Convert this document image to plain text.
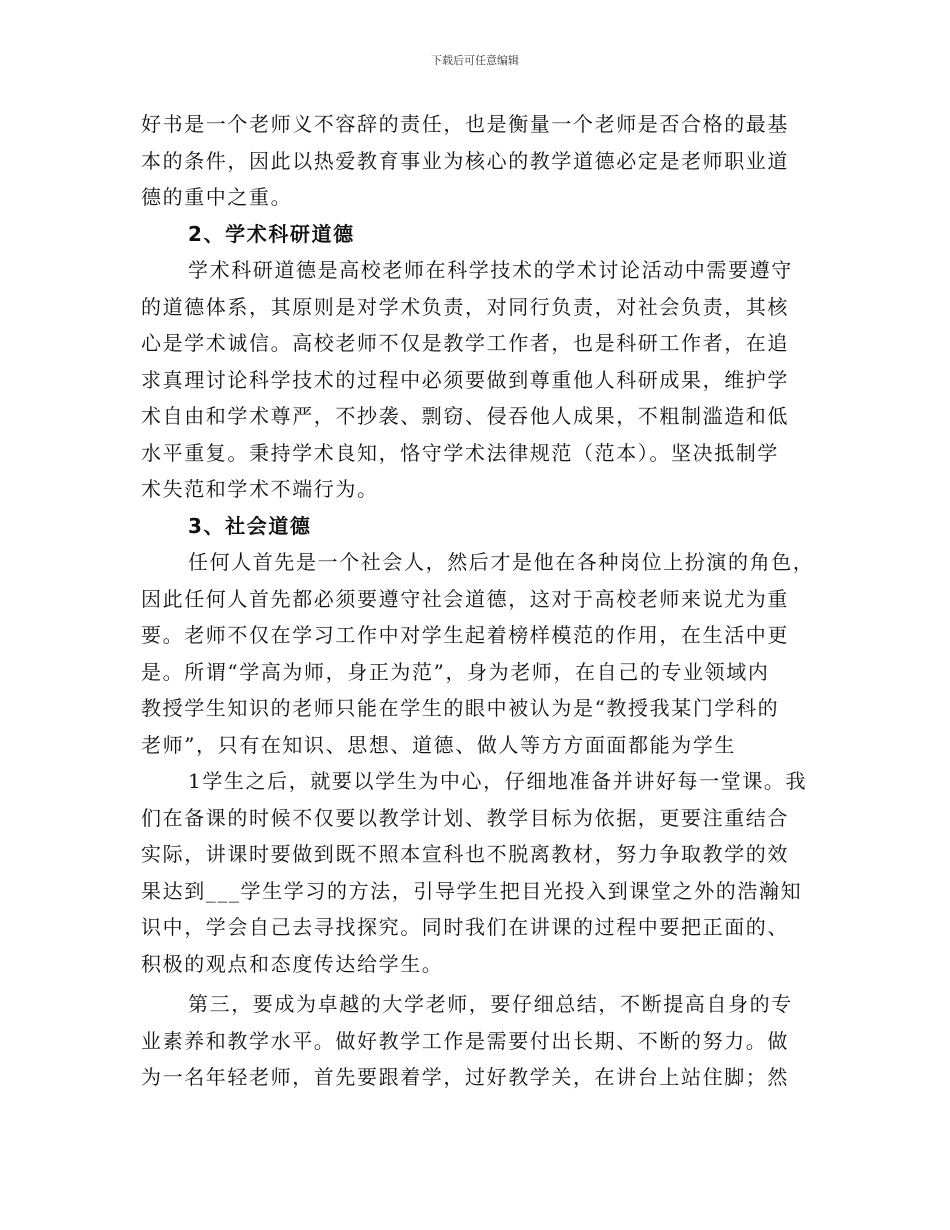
下载后可任意编辑
好书是一个老师义不容辞的责任，也是衡量一个老师是否合格的最基
本的条件，因此以热爱教育事业为核心的教学道德必定是老师职业道
德的重中之重。
2、学术科研道德
学术科研道德是高校老师在科学技术的学术讨论活动中需要遵守
的道德体系，其原则是对学术负责，对同行负责，对社会负责，其核
心是学术诚信。高校老师不仅是教学工作者，也是科研工作者，在追
求真理讨论科学技术的过程中必须要做到尊重他人科研成果，维护学
术自由和学术尊严，不抄袭、剽窃、侵吞他人成果，不粗制滥造和低
水平重复。秉持学术良知，恪守学术法律规范（范本）。坚决抵制学
术失范和学术不端行为。
3、社会道德
任何人首先是一个社会人，然后才是他在各种岗位上扮演的角色，
因此任何人首先都必须要遵守社会道德，这对于高校老师来说尤为重
要。老师不仅在学习工作中对学生起着榜样模范的作用，在生活中更
是。所谓“学高为师，身正为范”，身为老师，在自己的专业领域内
教授学生知识的老师只能在学生的眼中被认为是“教授我某门学科的
老师”，只有在知识、思想、道德、做人等方方面面都能为学生
1学生之后，就要以学生为中心，仔细地准备并讲好每一堂课。我
们在备课的时候不仅要以教学计划、教学目标为依据，更要注重结合
实际，讲课时要做到既不照本宣科也不脱离教材，努力争取教学的效
果达到___学生学习的方法，引导学生把目光投入到课堂之外的浩瀚知
识中，学会自己去寻找探究。同时我们在讲课的过程中要把正面的、
积极的观点和态度传达给学生。
第三，要成为卓越的大学老师，要仔细总结，不断提高自身的专
业素养和教学水平。做好教学工作是需要付出长期、不断的努力。做
为一名年轻老师，首先要跟着学，过好教学关，在讲台上站住脚；然
